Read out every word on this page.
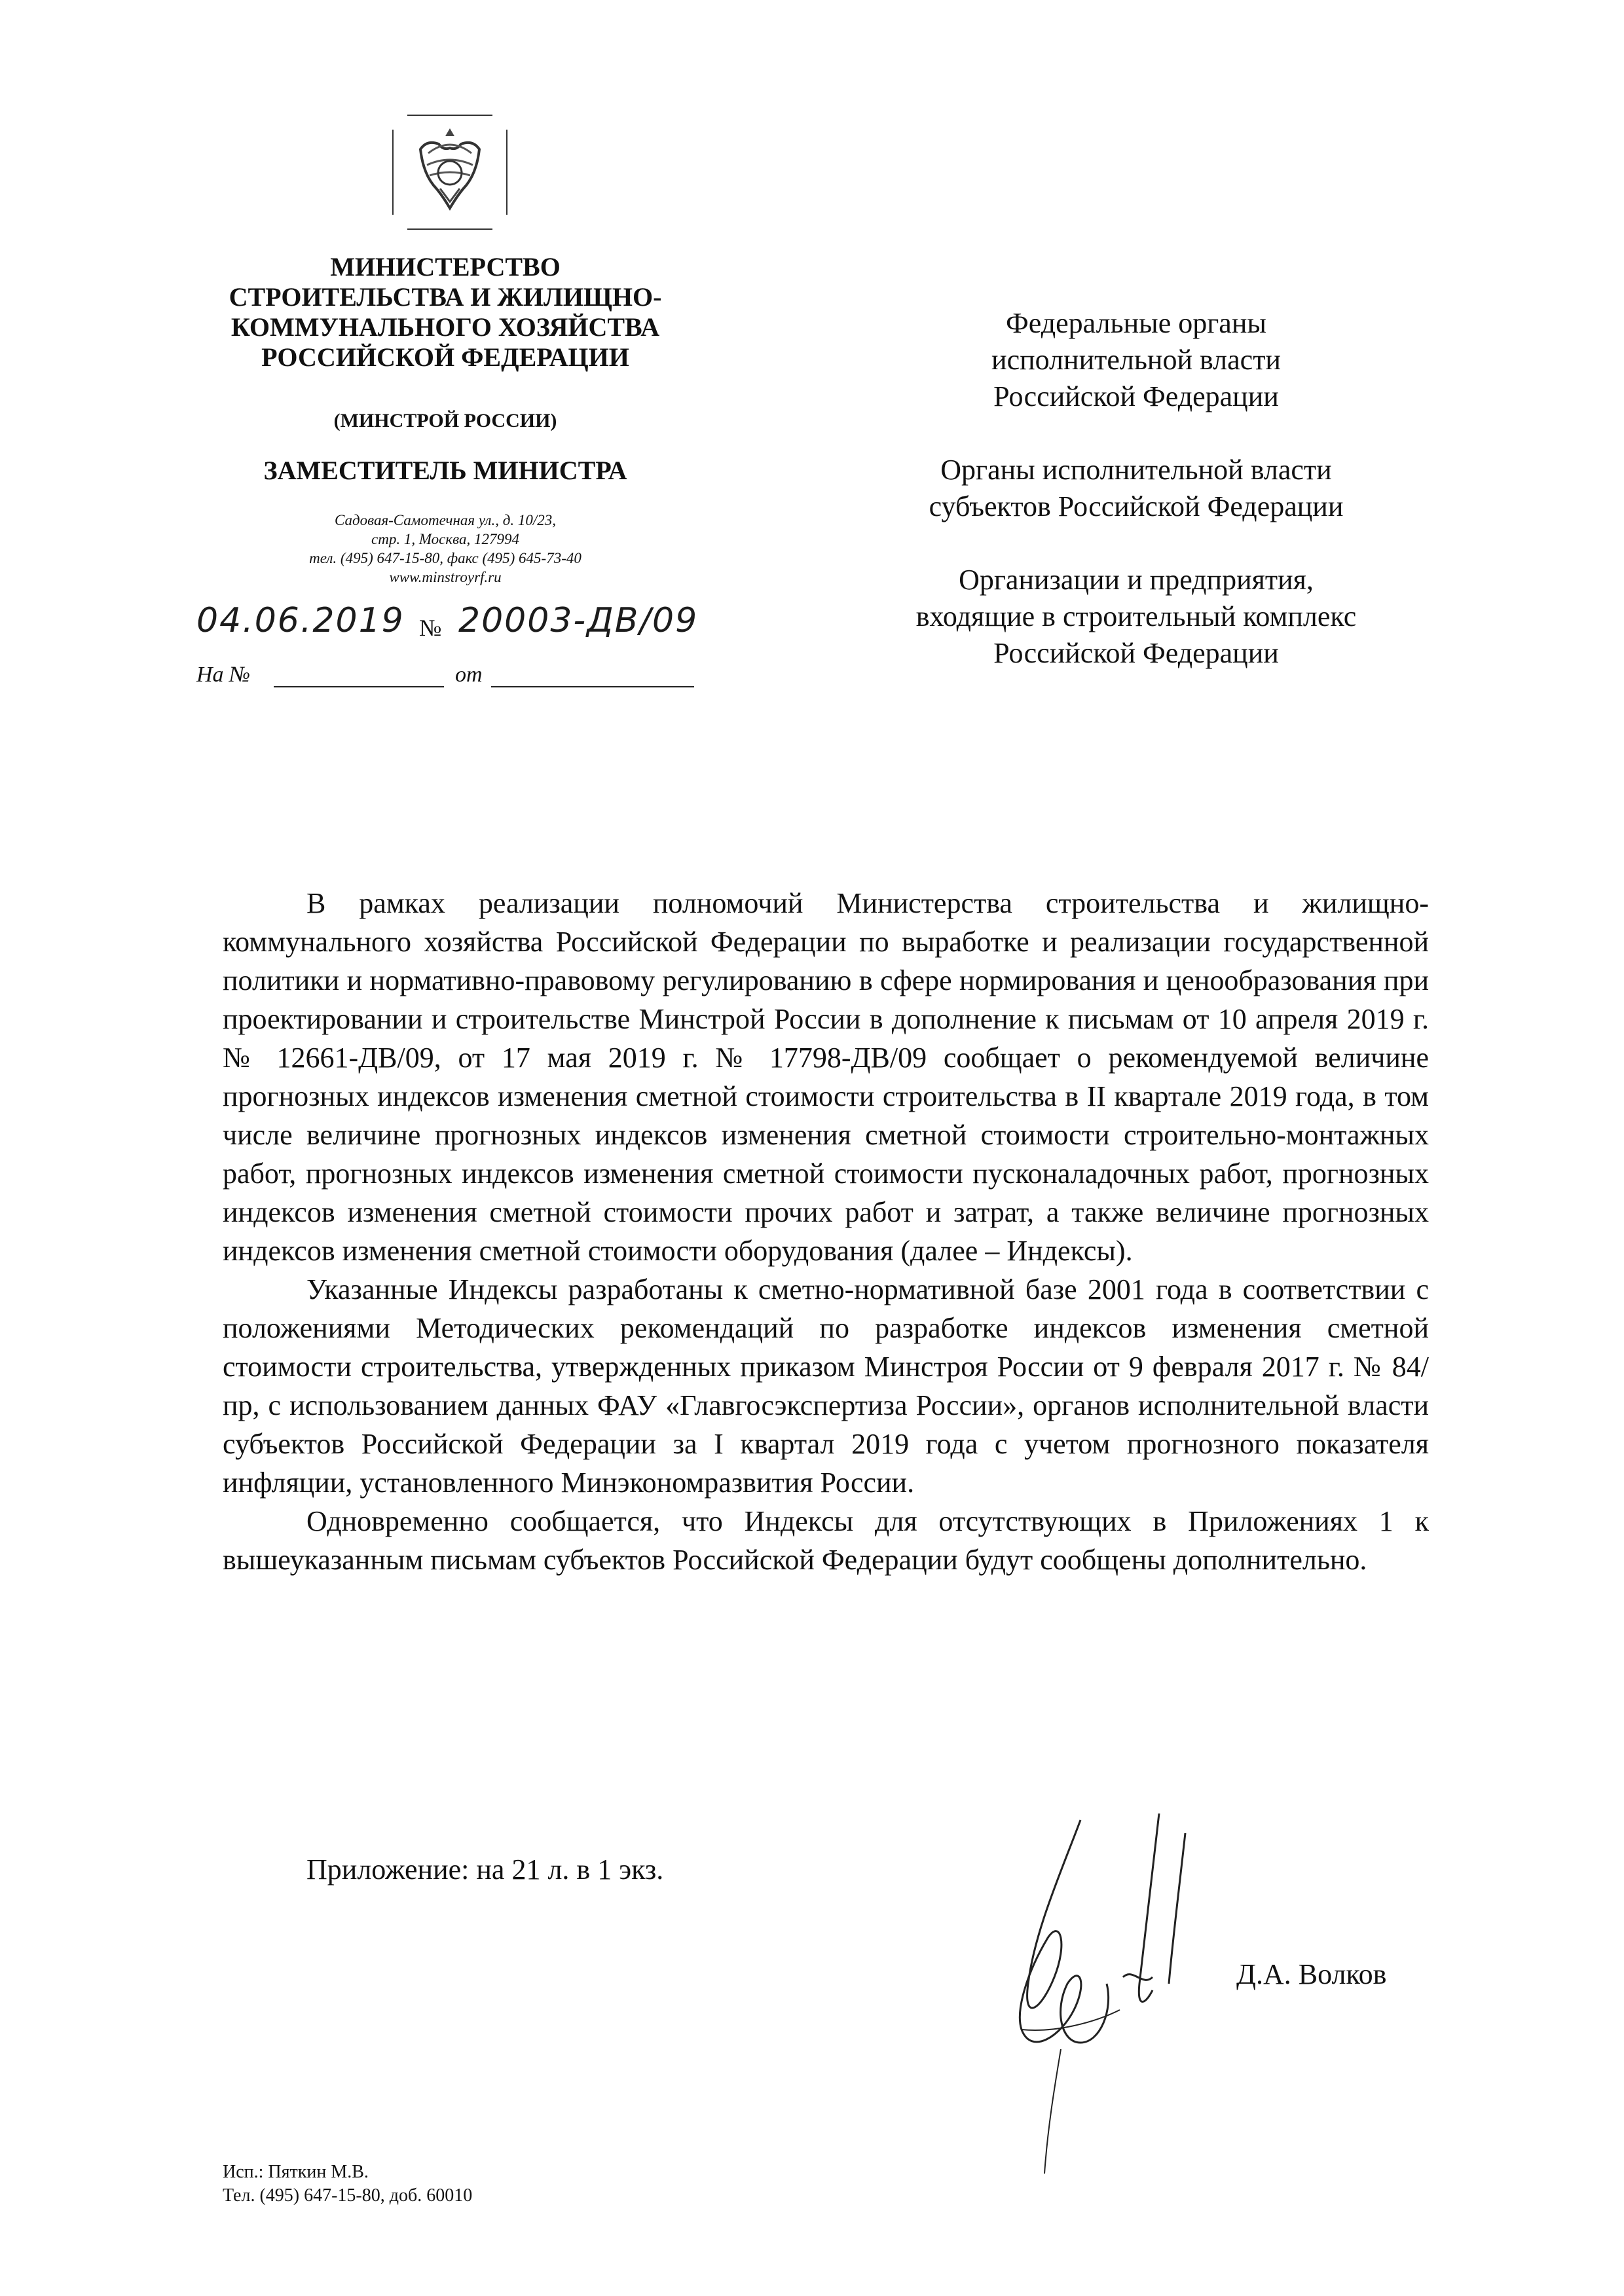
МИНИСТЕРСТВО
СТРОИТЕЛЬСТВА И ЖИЛИЩНО-
КОММУНАЛЬНОГО ХОЗЯЙСТВА
РОССИЙСКОЙ ФЕДЕРАЦИИ
(МИНСТРОЙ РОССИИ)
ЗАМЕСТИТЕЛЬ МИНИСТРА
Садовая-Самотечная ул., д. 10/23,
стр. 1, Москва, 127994
тел. (495) 647-15-80, факс (495) 645-73-40
www.minstroyrf.ru
04.06.2019 № 20003-ДВ/09
На №	от
Федеральные органы
исполнительной власти
Российской Федерации
Органы исполнительной власти
субъектов Российской Федерации
Организации и предприятия,
входящие в строительный комплекс
Российской Федерации

В рамках реализации полномочий Министерства строительства и жилищно-коммунального хозяйства Российской Федерации по выработке и реализации государственной политики и нормативно-правовому регулированию в сфере нормирования и ценообразования при проектировании и строительстве Минстрой России в дополнение к письмам от 10 апреля 2019 г. № 12661-ДВ/09, от 17 мая 2019 г. № 17798-ДВ/09 сообщает о рекомендуемой величине прогнозных индексов изменения сметной стоимости строительства в II квартале 2019 года, в том числе величине прогнозных индексов изменения сметной стоимости строительно-монтажных работ, прогнозных индексов изменения сметной стоимости пусконаладочных работ, прогнозных индексов изменения сметной стоимости прочих работ и затрат, а также величине прогнозных индексов изменения сметной стоимости оборудования (далее – Индексы).

Указанные Индексы разработаны к сметно-нормативной базе 2001 года в соответствии с положениями Методических рекомендаций по разработке индексов изменения сметной стоимости строительства, утвержденных приказом Минстроя России от 9 февраля 2017 г. № 84/пр, с использованием данных ФАУ «Главгосэкспертиза России», органов исполнительной власти субъектов Российской Федерации за I квартал 2019 года с учетом прогнозного показателя инфляции, установленного Минэкономразвития России.

Одновременно сообщается, что Индексы для отсутствующих в Приложениях 1 к вышеуказанным письмам субъектов Российской Федерации будут сообщены дополнительно.

Приложение: на 21 л. в 1 экз.
Д.А. Волков
Исп.: Пяткин М.В.
Тел. (495) 647-15-80, доб. 60010
